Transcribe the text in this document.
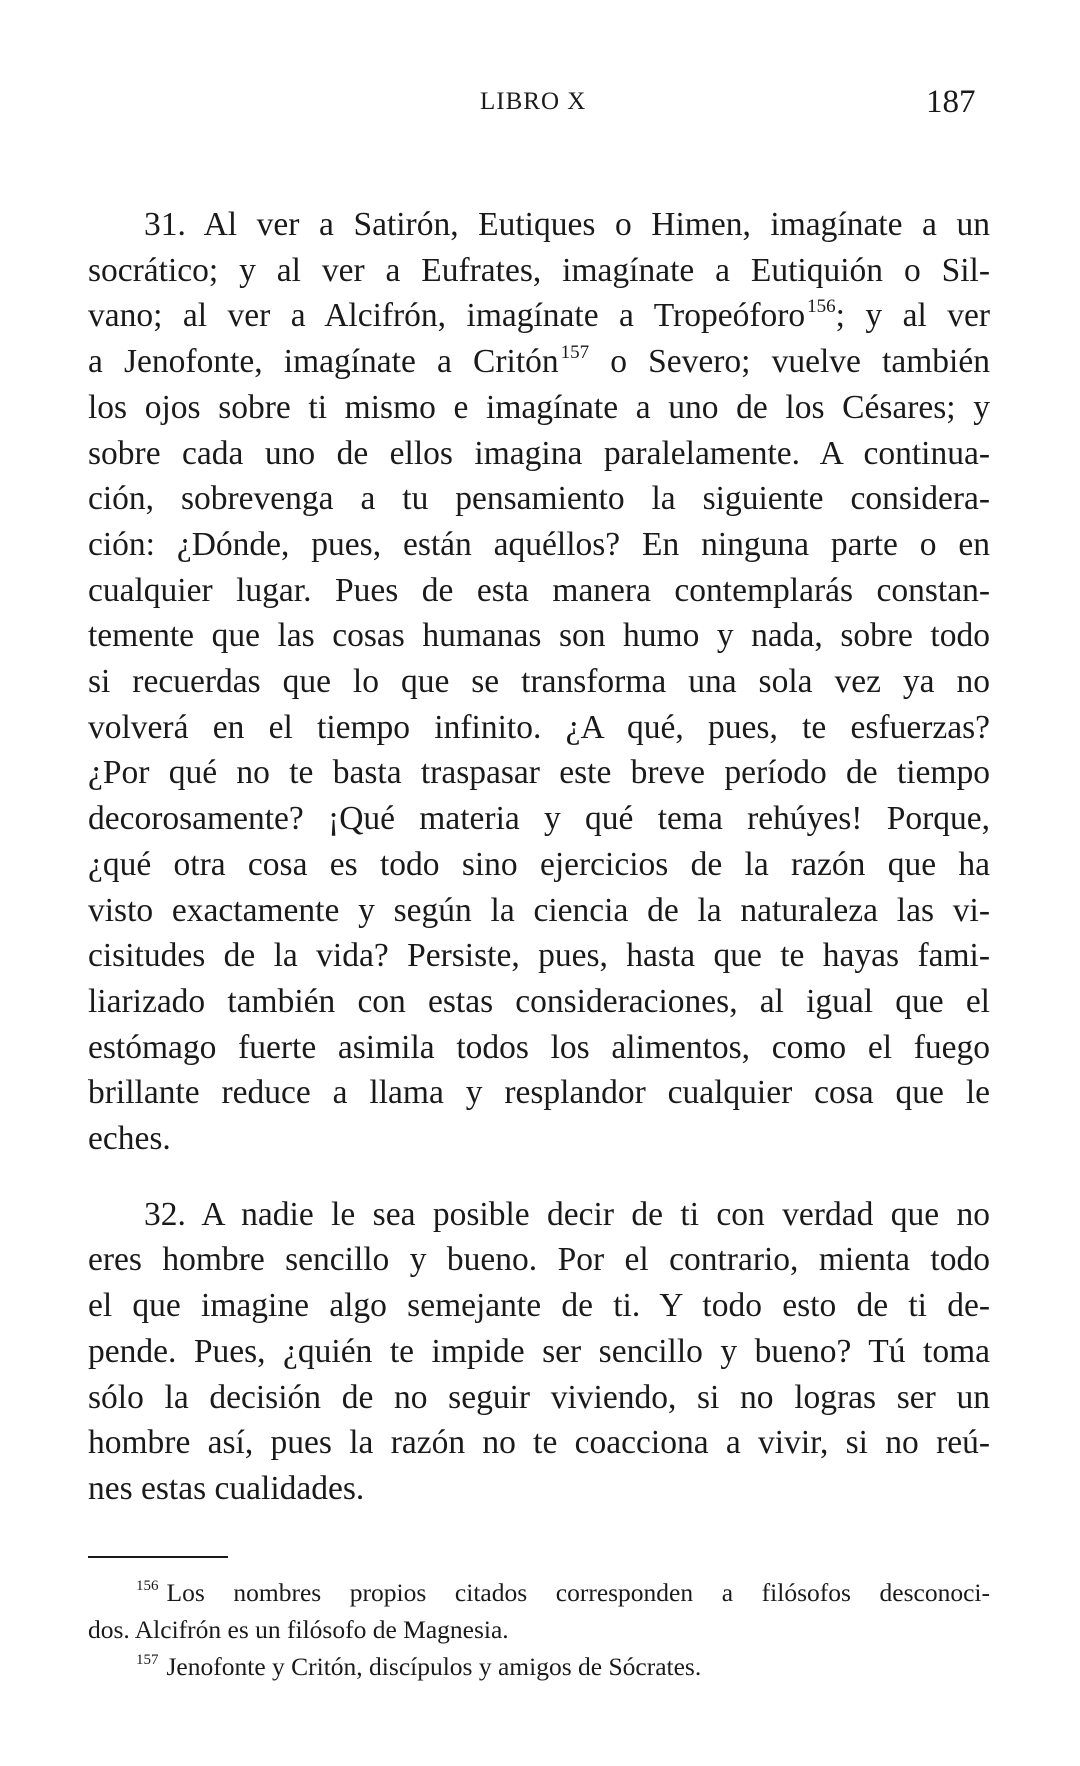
LIBRO X	187

31. Al ver a Satirón, Eutiques o Himen, imagínate a un
socrático; y al ver a Eufrates, imagínate a Eutiquión o Sil-
vano; al ver a Alcifrón, imagínate a Tropeóforo $^{156}$; y al ver
a Jenofonte, imagínate a Critón $^{157}$ o Severo; vuelve también
los ojos sobre ti mismo e imagínate a uno de los Césares; y
sobre cada uno de ellos imagina paralelamente. A continua-
ción, sobrevenga a tu pensamiento la siguiente considera-
ción: ¿Dónde, pues, están aquéllos? En ninguna parte o en
cualquier lugar. Pues de esta manera contemplarás constan-
temente que las cosas humanas son humo y nada, sobre todo
si recuerdas que lo que se transforma una sola vez ya no
volverá en el tiempo infinito. ¿A qué, pues, te esfuerzas?
¿Por qué no te basta traspasar este breve período de tiempo
decorosamente? ¡Qué materia y qué tema rehúyes! Porque,
¿qué otra cosa es todo sino ejercicios de la razón que ha
visto exactamente y según la ciencia de la naturaleza las vi-
cisitudes de la vida? Persiste, pues, hasta que te hayas fami-
liarizado también con estas consideraciones, al igual que el
estómago fuerte asimila todos los alimentos, como el fuego
brillante reduce a llama y resplandor cualquier cosa que le
eches.

32. A nadie le sea posible decir de ti con verdad que no
eres hombre sencillo y bueno. Por el contrario, mienta todo
el que imagine algo semejante de ti. Y todo esto de ti de-
pende. Pues, ¿quién te impide ser sencillo y bueno? Tú toma
sólo la decisión de no seguir viviendo, si no logras ser un
hombre así, pues la razón no te coacciona a vivir, si no reú-
nes estas cualidades.

$^{156}$ Los nombres propios citados corresponden a filósofos desconoci-
dos. Alcifrón es un filósofo de Magnesia.
$^{157}$ Jenofonte y Critón, discípulos y amigos de Sócrates.
